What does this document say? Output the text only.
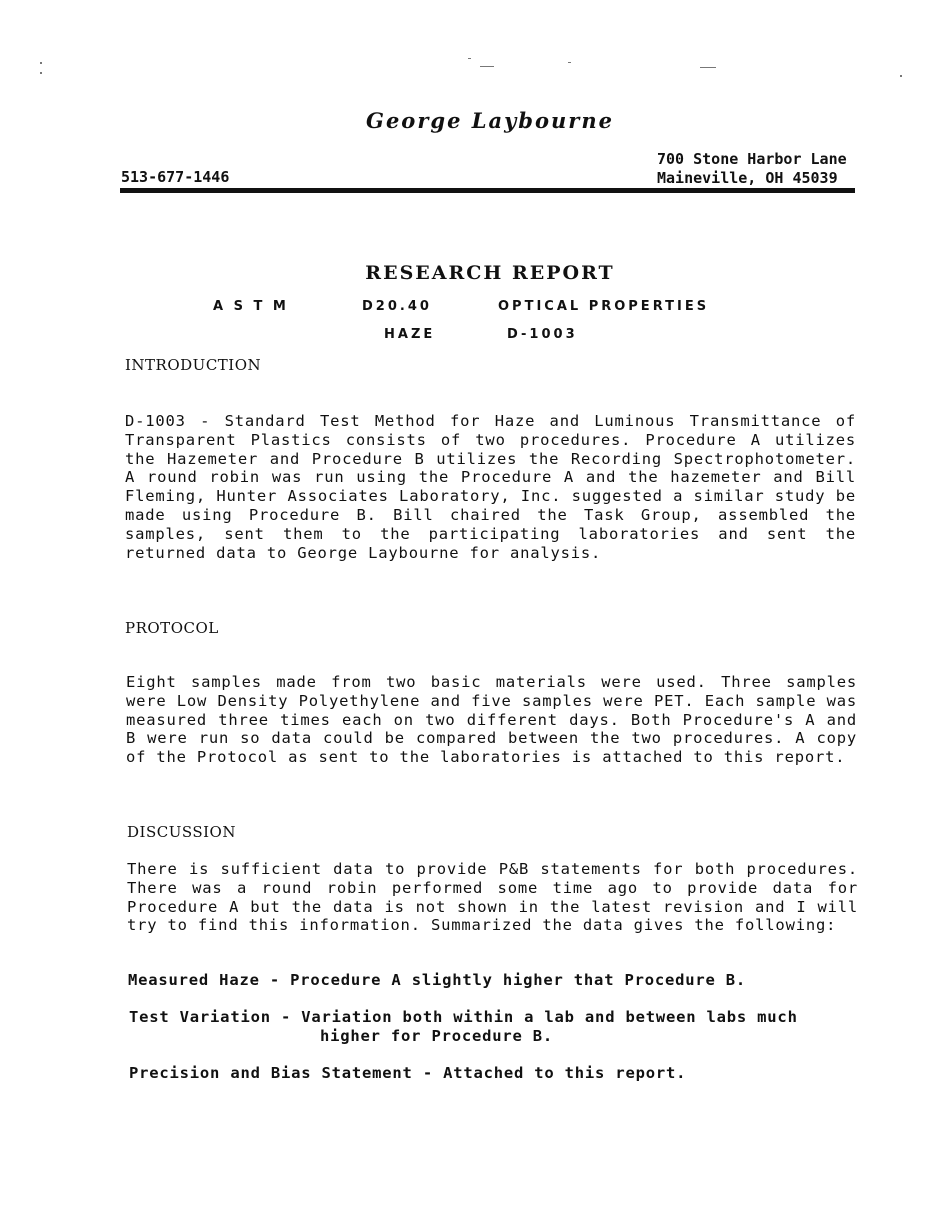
George Laybourne
513-677-1446
700 Stone Harbor Lane
Maineville, OH 45039
RESEARCH REPORT
A S T M	D20.40	OPTICAL PROPERTIES
HAZE	D-1003
INTRODUCTION
D-1003 - Standard Test Method for Haze and Luminous Transmittance of Transparent Plastics consists of two procedures. Procedure A utilizes the Hazemeter and Procedure B utilizes the Recording Spectrophotometer. A round robin was run using the Procedure A and the hazemeter and Bill Fleming, Hunter Associates Laboratory, Inc. suggested a similar study be made using Procedure B. Bill chaired the Task Group, assembled the samples, sent them to the participating laboratories and sent the returned data to George Laybourne for analysis.
PROTOCOL
Eight samples made from two basic materials were used. Three samples were Low Density Polyethylene and five samples were PET. Each sample was measured three times each on two different days. Both Procedure's A and B were run so data could be compared between the two procedures. A copy of the Protocol as sent to the laboratories is attached to this report.
DISCUSSION
There is sufficient data to provide P&B statements for both procedures. There was a round robin performed some time ago to provide data for Procedure A but the data is not shown in the latest revision and I will try to find this information. Summarized the data gives the following:
Measured Haze - Procedure A slightly higher that Procedure B.
Test Variation - Variation both within a lab and between labs much
higher for Procedure B.
Precision and Bias Statement - Attached to this report.
